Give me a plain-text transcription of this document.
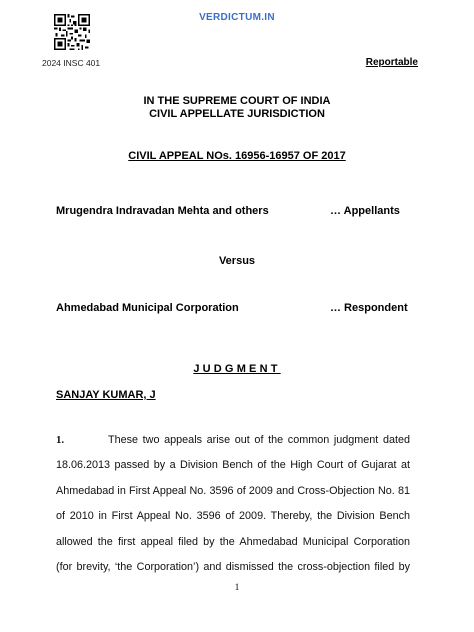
VERDICTUM.IN
2024 INSC 401	Reportable
IN THE SUPREME COURT OF INDIA
CIVIL APPELLATE JURISDICTION
CIVIL APPEAL NOs. 16956-16957 OF 2017
Mrugendra Indravadan Mehta and others	… Appellants
Versus
Ahmedabad Municipal Corporation	… Respondent
JUDGMENT
SANJAY KUMAR, J
1.	These two appeals arise out of the common judgment dated
18.06.2013 passed by a Division Bench of the High Court of Gujarat at
Ahmedabad in First Appeal No. 3596 of 2009 and Cross-Objection No. 81
of 2010 in First Appeal No. 3596 of 2009. Thereby, the Division Bench
allowed the first appeal filed by the Ahmedabad Municipal Corporation
(for brevity, ‘the Corporation’) and dismissed the cross-objection filed by
1
